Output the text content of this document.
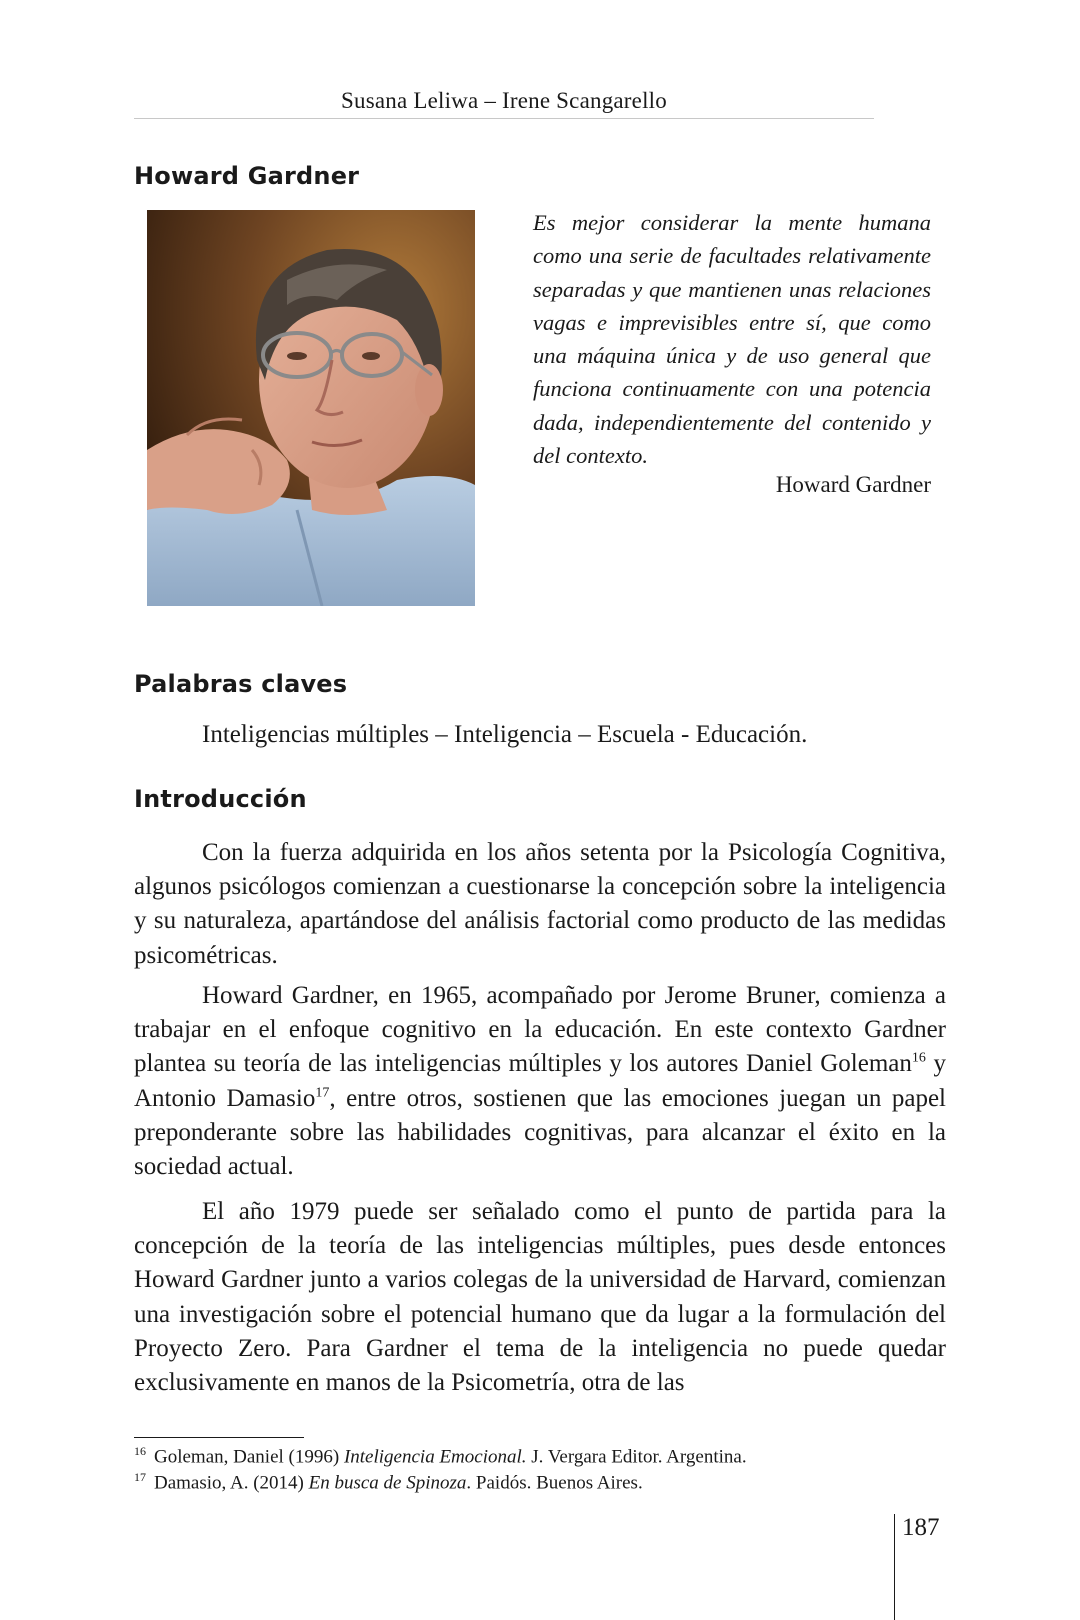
Susana Leliwa – Irene Scangarello
Howard Gardner
Es mejor considerar la mente humana como una serie de facultades relativamente separadas y que mantienen unas relaciones vagas e imprevisibles entre sí, que como una máquina única y de uso general que funciona continuamente con una potencia dada, independientemente del contenido y del contexto.
Howard Gardner
Palabras claves
Inteligencias múltiples – Inteligencia – Escuela - Educación.
Introducción

Con la fuerza adquirida en los años setenta por la Psicología Cognitiva, algunos psicólogos comienzan a cuestionarse la concepción sobre la inteligencia y su naturaleza, apartándose del análisis factorial como producto de las medidas psicométricas.

Howard Gardner, en 1965, acompañado por Jerome Bruner, comienza a trabajar en el enfoque cognitivo en la educación. En este contexto Gardner plantea su teoría de las inteligencias múltiples y los autores Daniel Goleman$^{16}$ y Antonio Damasio$^{17}$, entre otros, sostienen que las emociones juegan un papel preponderante sobre las habilidades cognitivas, para alcanzar el éxito en la sociedad actual.

El año 1979 puede ser señalado como el punto de partida para la concepción de la teoría de las inteligencias múltiples, pues desde entonces Howard Gardner junto a varios colegas de la universidad de Harvard, comienzan una investigación sobre el potencial humano que da lugar a la formulación del Proyecto Zero. Para Gardner el tema de la inteligencia no puede quedar exclusivamente en manos de la Psicometría, otra de las

$^{16}$ Goleman, Daniel (1996) Inteligencia Emocional. J. Vergara Editor. Argentina.
$^{17}$ Damasio, A. (2014) En busca de Spinoza. Paidós. Buenos Aires.
187
